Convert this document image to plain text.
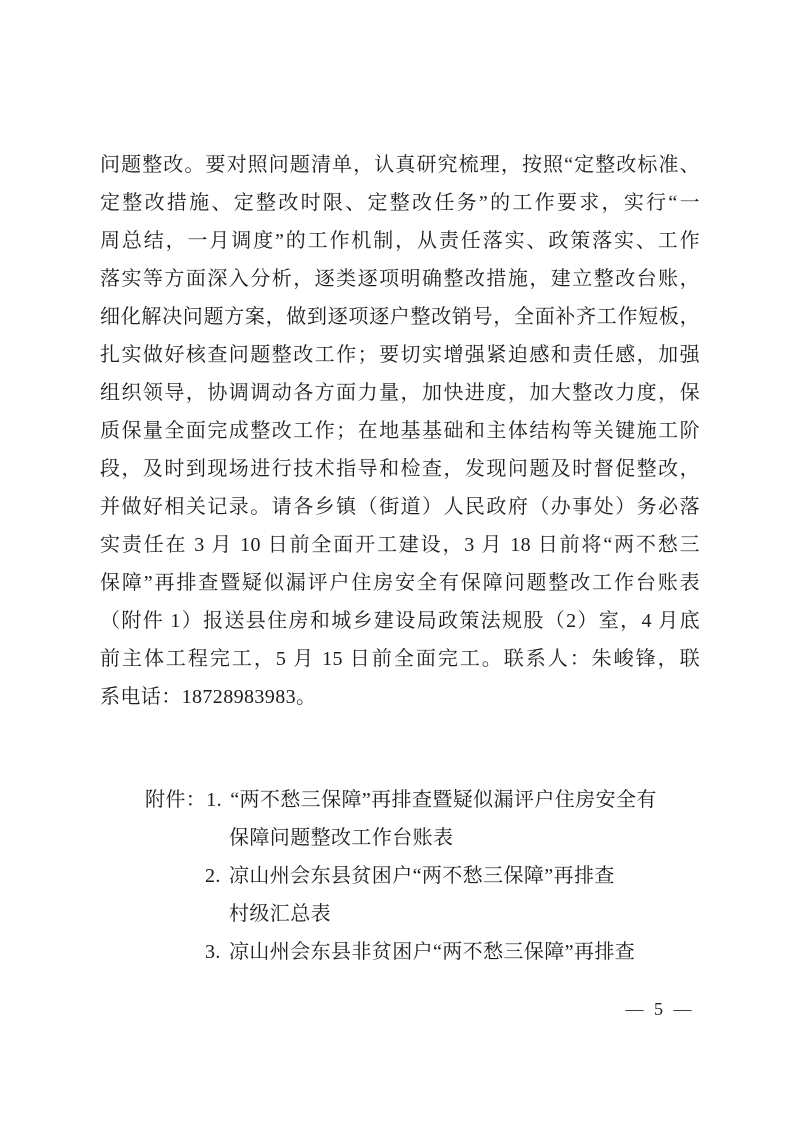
问题整改。要对照问题清单，认真研究梳理，按照“定整改标准、
定整改措施、定整改时限、定整改任务”的工作要求，实行“一
周总结，一月调度”的工作机制，从责任落实、政策落实、工作
落实等方面深入分析，逐类逐项明确整改措施，建立整改台账，
细化解决问题方案，做到逐项逐户整改销号，全面补齐工作短板，
扎实做好核查问题整改工作；要切实增强紧迫感和责任感，加强
组织领导，协调调动各方面力量，加快进度，加大整改力度，保
质保量全面完成整改工作；在地基基础和主体结构等关键施工阶
段，及时到现场进行技术指导和检查，发现问题及时督促整改，
并做好相关记录。请各乡镇（街道）人民政府（办事处）务必落
实责任在 3 月 10 日前全面开工建设，3 月 18 日前将“两不愁三
保障”再排查暨疑似漏评户住房安全有保障问题整改工作台账表
（附件 1）报送县住房和城乡建设局政策法规股（2）室，4 月底
前主体工程完工，5 月 15 日前全面完工。联系人：朱峻锋，联
系电话：18728983983。
附件：1. “两不愁三保障”再排查暨疑似漏评户住房安全有
保障问题整改工作台账表
2. 凉山州会东县贫困户“两不愁三保障”再排查
村级汇总表
3. 凉山州会东县非贫困户“两不愁三保障”再排查
— 5 —
